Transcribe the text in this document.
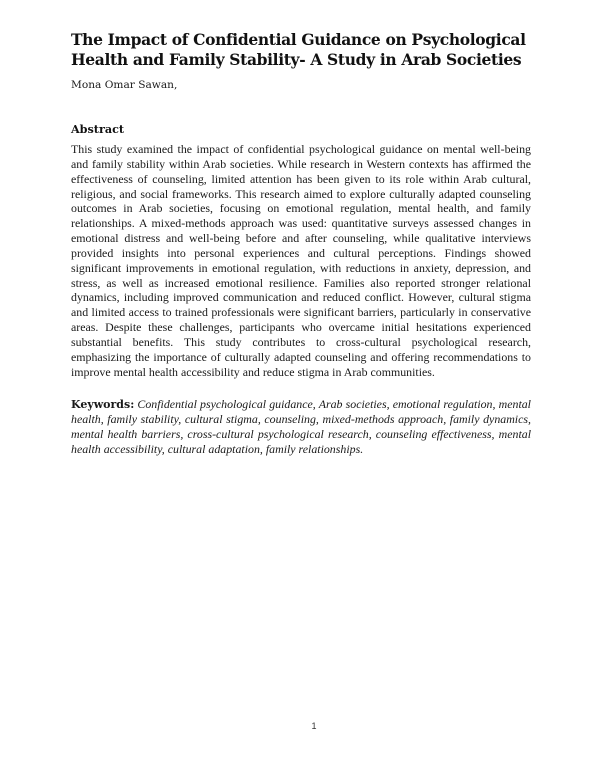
The Impact of Confidential Guidance on Psychological Health and Family Stability- A Study in Arab Societies

Mona Omar Sawan,

Abstract

This study examined the impact of confidential psychological guidance on mental well-being and family stability within Arab societies. While research in Western contexts has affirmed the effectiveness of counseling, limited attention has been given to its role within Arab cultural, religious, and social frameworks. This research aimed to explore culturally adapted counseling outcomes in Arab societies, focusing on emotional regulation, mental health, and family relationships. A mixed-methods approach was used: quantitative surveys assessed changes in emotional distress and well-being before and after counseling, while qualitative interviews provided insights into personal experiences and cultural perceptions. Findings showed significant improvements in emotional regulation, with reductions in anxiety, depression, and stress, as well as increased emotional resilience. Families also reported stronger relational dynamics, including improved communication and reduced conflict. However, cultural stigma and limited access to trained professionals were significant barriers, particularly in conservative areas. Despite these challenges, participants who overcame initial hesitations experienced substantial benefits. This study contributes to cross-cultural psychological research, emphasizing the importance of culturally adapted counseling and offering recommendations to improve mental health accessibility and reduce stigma in Arab communities.

Keywords: Confidential psychological guidance, Arab societies, emotional regulation, mental health, family stability, cultural stigma, counseling, mixed-methods approach, family dynamics, mental health barriers, cross-cultural psychological research, counseling effectiveness, mental health accessibility, cultural adaptation, family relationships.

1
